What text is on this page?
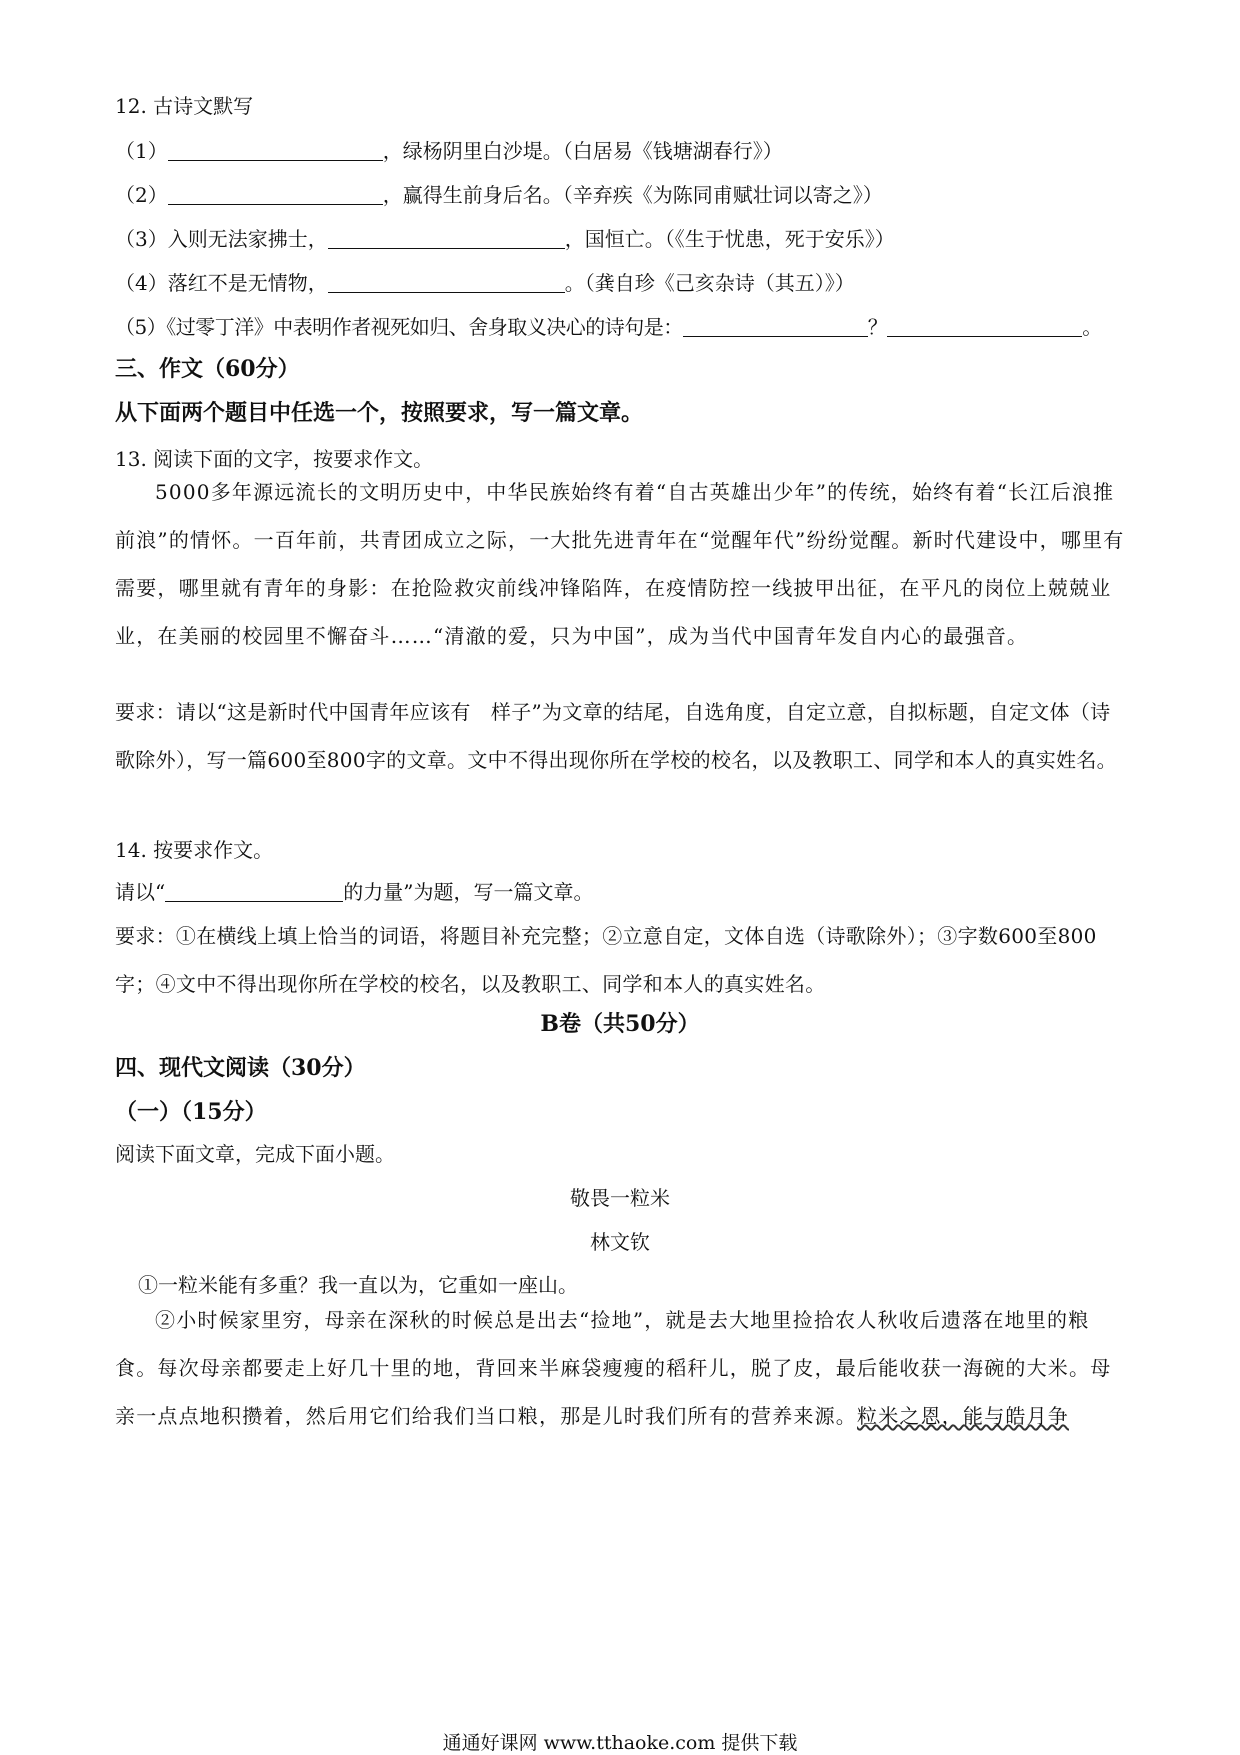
12. 古诗文默写
（1）	，绿杨阴里白沙堤。（白居易《钱塘湖春行》）
（2）	，赢得生前身后名。（辛弃疾《为陈同甫赋壮词以寄之》）
（3）入则无法家拂士，	，国恒亡。（《生于忧患，死于安乐》）
（4）落红不是无情物，	。（龚自珍《己亥杂诗（其五）》）
（5）《过零丁洋》中表明作者视死如归、舍身取义决心的诗句是：	？	。
三、作文（60分）
从下面两个题目中任选一个，按照要求，写一篇文章。
13. 阅读下面的文字，按要求作文。

5000多年源远流长的文明历史中，中华民族始终有着“自古英雄出少年”的传统，始终有着“长江后浪推前浪”的情怀。一百年前，共青团成立之际，一大批先进青年在“觉醒年代”纷纷觉醒。新时代建设中，哪里有需要，哪里就有青年的身影：在抢险救灾前线冲锋陷阵，在疫情防控一线披甲出征，在平凡的岗位上兢兢业业，在美丽的校园里不懈奋斗……“清澈的爱，只为中国”，成为当代中国青年发自内心的最强音。

要求：请以“这是新时代中国青年应该有　样子”为文章的结尾，自选角度，自定立意，自拟标题，自定文体（诗歌除外），写一篇600至800字的文章。文中不得出现你所在学校的校名，以及教职工、同学和本人的真实姓名。

14. 按要求作文。
请以“	的力量”为题，写一篇文章。

要求：①在横线上填上恰当的词语，将题目补充完整；②立意自定，文体自选（诗歌除外）；③字数600至800字；④文中不得出现你所在学校的校名，以及教职工、同学和本人的真实姓名。

B卷（共50分）
四、现代文阅读（30分）
（一）（15分）
阅读下面文章，完成下面小题。
敬畏一粒米
林文钦
①一粒米能有多重？我一直以为，它重如一座山。

②小时候家里穷，母亲在深秋的时候总是出去“捡地”，就是去大地里捡拾农人秋收后遗落在地里的粮食。每次母亲都要走上好几十里的地，背回来半麻袋瘦瘦的稻秆儿，脱了皮，最后能收获一海碗的大米。母亲一点点地积攒着，然后用它们给我们当口粮，那是儿时我们所有的营养来源。粒米之恩，能与皓月争

通通好课网 www.tthaoke.com 提供下载
